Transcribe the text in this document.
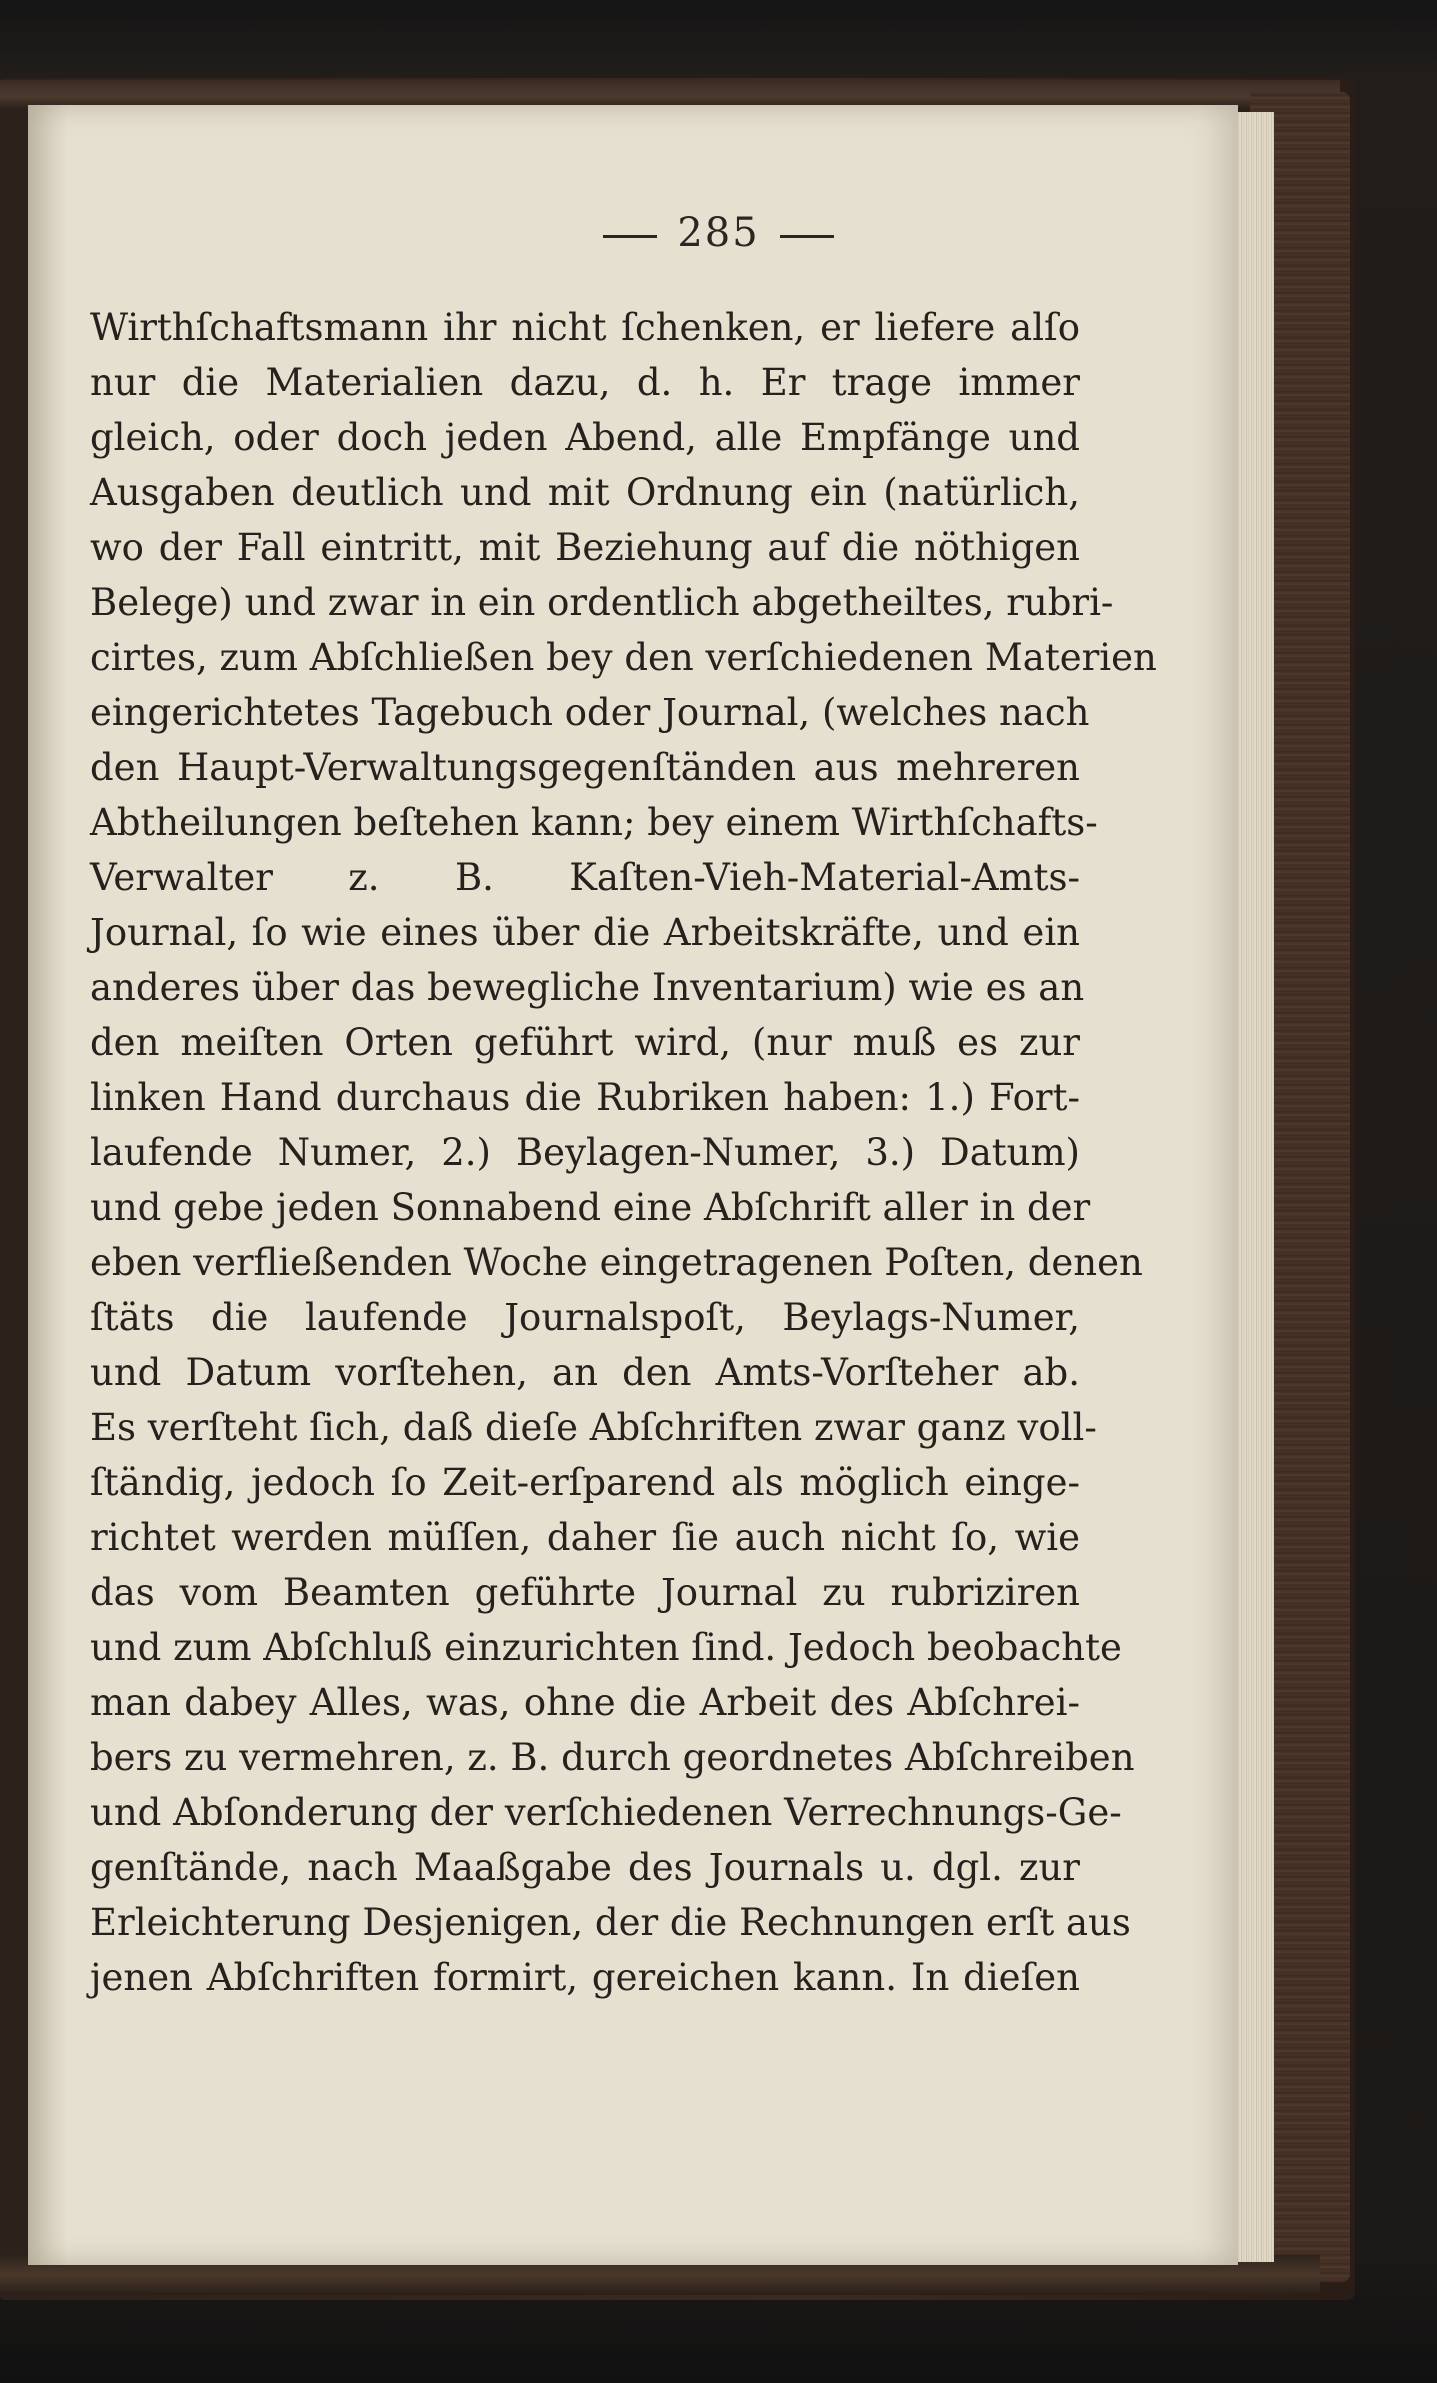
285
Wirthſchaftsmann ihr nicht ſchenken, er liefere alſo
nur die Materialien dazu, d. h. Er trage immer
gleich, oder doch jeden Abend, alle Empfänge und
Ausgaben deutlich und mit Ordnung ein (natürlich,
wo der Fall eintritt, mit Beziehung auf die nöthigen
Belege) und zwar in ein ordentlich abgetheiltes, rubri-
cirtes, zum Abſchließen bey den verſchiedenen Materien
eingerichtetes Tagebuch oder Journal, (welches nach
den Haupt-Verwaltungsgegenſtänden aus mehreren
Abtheilungen beſtehen kann; bey einem Wirthſchafts-
Verwalter z. B. Kaſten-Vieh-Material-Amts-
Journal, ſo wie eines über die Arbeitskräfte, und ein
anderes über das bewegliche Inventarium) wie es an
den meiſten Orten geführt wird, (nur muß es zur
linken Hand durchaus die Rubriken haben: 1.) Fort-
laufende Numer, 2.) Beylagen-Numer, 3.) Datum)
und gebe jeden Sonnabend eine Abſchrift aller in der
eben verfließenden Woche eingetragenen Poſten, denen
ſtäts die laufende Journalspoſt, Beylags-Numer,
und Datum vorſtehen, an den Amts-Vorſteher ab.
Es verſteht ſich, daß dieſe Abſchriften zwar ganz voll-
ſtändig, jedoch ſo Zeit-erſparend als möglich einge-
richtet werden müſſen, daher ſie auch nicht ſo, wie
das vom Beamten geführte Journal zu rubriziren
und zum Abſchluß einzurichten ſind. Jedoch beobachte
man dabey Alles, was, ohne die Arbeit des Abſchrei-
bers zu vermehren, z. B. durch geordnetes Abſchreiben
und Abſonderung der verſchiedenen Verrechnungs-Ge-
genſtände, nach Maaßgabe des Journals u. dgl. zur
Erleichterung Desjenigen, der die Rechnungen erſt aus
jenen Abſchriften formirt, gereichen kann. In dieſen
